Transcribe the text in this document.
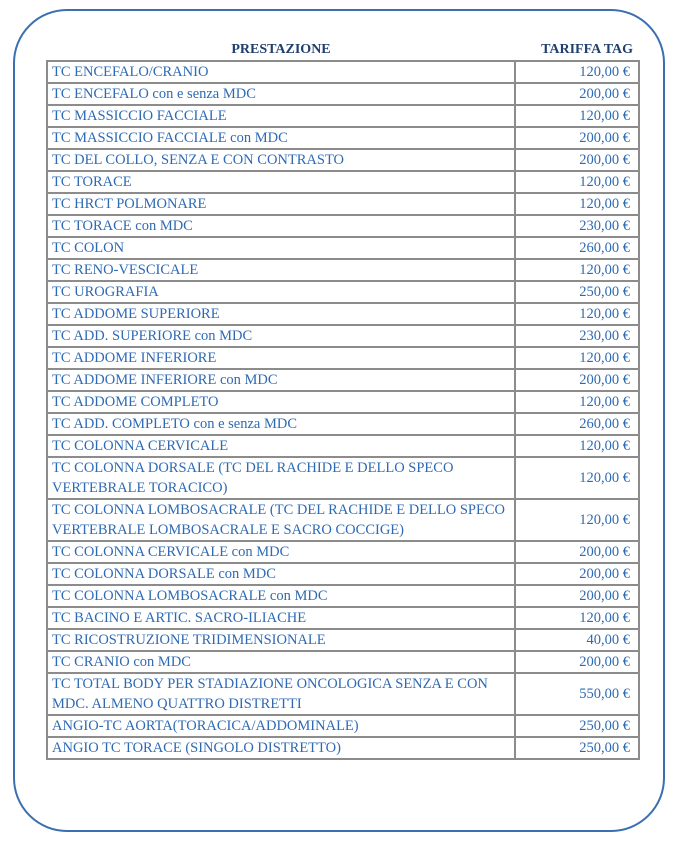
PRESTAZIONE	TARIFFA TAG
TC ENCEFALO/CRANIO	120,00 €
TC ENCEFALO con e senza MDC	200,00 €
TC MASSICCIO FACCIALE	120,00 €
TC MASSICCIO FACCIALE con MDC	200,00 €
TC DEL COLLO, SENZA E CON CONTRASTO	200,00 €
TC TORACE	120,00 €
TC HRCT POLMONARE	120,00 €
TC TORACE con MDC	230,00 €
TC COLON	260,00 €
TC RENO-VESCICALE	120,00 €
TC UROGRAFIA	250,00 €
TC ADDOME SUPERIORE	120,00 €
TC ADD. SUPERIORE con MDC	230,00 €
TC ADDOME INFERIORE	120,00 €
TC ADDOME INFERIORE con MDC	200,00 €
TC ADDOME COMPLETO	120,00 €
TC ADD. COMPLETO con e senza MDC	260,00 €
TC COLONNA CERVICALE	120,00 €
TC COLONNA DORSALE (TC DEL RACHIDE E DELLO SPECO VERTEBRALE TORACICO)	120,00 €
TC COLONNA LOMBOSACRALE (TC DEL RACHIDE E DELLO SPECO VERTEBRALE LOMBOSACRALE E SACRO COCCIGE)	120,00 €
TC COLONNA CERVICALE con MDC	200,00 €
TC COLONNA DORSALE con MDC	200,00 €
TC COLONNA LOMBOSACRALE con MDC	200,00 €
TC BACINO E ARTIC. SACRO-ILIACHE	120,00 €
TC RICOSTRUZIONE TRIDIMENSIONALE	40,00 €
TC CRANIO con MDC	200,00 €
TC TOTAL BODY PER STADIAZIONE ONCOLOGICA SENZA E CON MDC. ALMENO QUATTRO DISTRETTI	550,00 €
ANGIO-TC AORTA(TORACICA/ADDOMINALE)	250,00 €
ANGIO TC TORACE (SINGOLO DISTRETTO)	250,00 €
